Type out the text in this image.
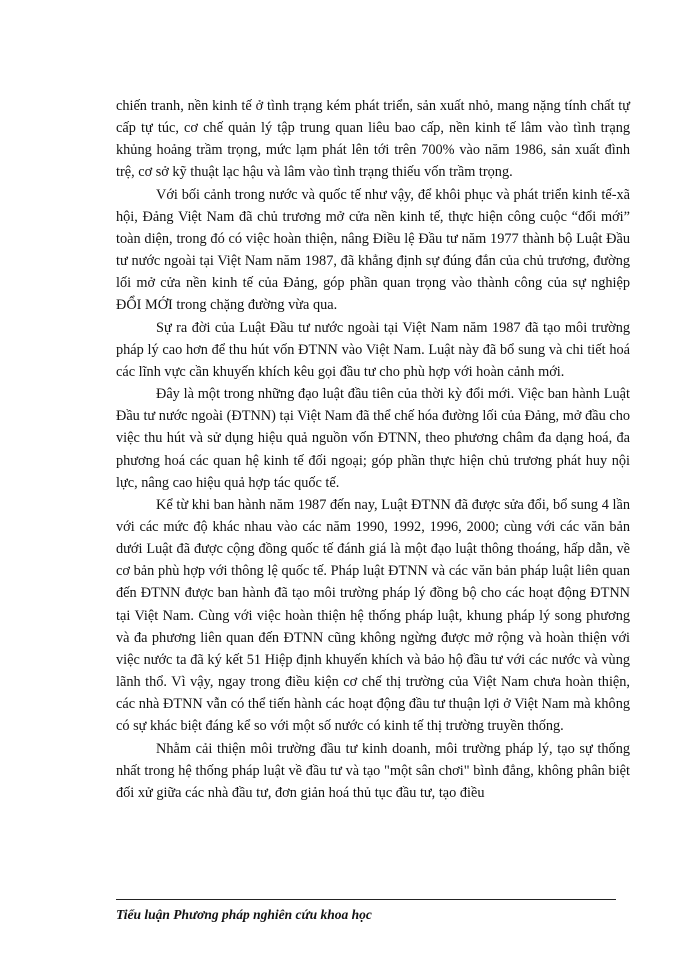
chiến tranh, nền kinh tế ở tình trạng kém phát triển, sản xuất nhỏ, mang nặng tính chất tự cấp tự túc, cơ chế quản lý tập trung quan liêu bao cấp, nền kinh tế lâm vào tình trạng khủng hoảng trầm trọng, mức lạm phát lên tới trên 700% vào năm 1986, sản xuất đình trệ, cơ sở kỹ thuật lạc hậu và lâm vào tình trạng thiếu vốn trầm trọng.

Với bối cảnh trong nước và quốc tế như vậy, để khôi phục và phát triển kinh tế-xã hội, Đảng Việt Nam đã chủ trương mở cửa nền kinh tế, thực hiện công cuộc “đổi mới” toàn diện, trong đó có việc hoàn thiện, nâng Điều lệ Đầu tư năm 1977 thành bộ Luật Đầu tư nước ngoài tại Việt Nam năm 1987, đã khẳng định sự đúng đắn của chủ trương, đường lối mở cửa nền kinh tế của Đảng, góp phần quan trọng vào thành công của sự nghiệp ĐỔI MỚI trong chặng đường vừa qua.

Sự ra đời của Luật Đầu tư nước ngoài tại Việt Nam năm 1987 đã tạo môi trường pháp lý cao hơn để thu hút vốn ĐTNN vào Việt Nam. Luật này đã bổ sung và chi tiết hoá các lĩnh vực cần khuyến khích kêu gọi đầu tư cho phù hợp với hoàn cảnh mới.

Đây là một trong những đạo luật đầu tiên của thời kỳ đổi mới. Việc ban hành Luật Đầu tư nước ngoài (ĐTNN) tại Việt Nam đã thể chế hóa đường lối của Đảng, mở đầu cho việc thu hút và sử dụng hiệu quả nguồn vốn ĐTNN, theo phương châm đa dạng hoá, đa phương hoá các quan hệ kinh tế đối ngoại; góp phần thực hiện chủ trương phát huy nội lực, nâng cao hiệu quả hợp tác quốc tế.

Kể từ khi ban hành năm 1987 đến nay, Luật ĐTNN đã được sửa đổi, bổ sung 4 lần với các mức độ khác nhau vào các năm 1990, 1992, 1996, 2000; cùng với các văn bản dưới Luật đã được cộng đồng quốc tế đánh giá là một đạo luật thông thoáng, hấp dẫn, về cơ bản phù hợp với thông lệ quốc tế. Pháp luật ĐTNN và các văn bản pháp luật liên quan đến ĐTNN được ban hành đã tạo môi trường pháp lý đồng bộ cho các hoạt động ĐTNN tại Việt Nam. Cùng với việc hoàn thiện hệ thống pháp luật, khung pháp lý song phương và đa phương liên quan đến ĐTNN cũng không ngừng được mở rộng và hoàn thiện với việc nước ta đã ký kết 51 Hiệp định khuyến khích và bảo hộ đầu tư với các nước và vùng lãnh thổ. Vì vậy, ngay trong điều kiện cơ chế thị trường của Việt Nam chưa hoàn thiện, các nhà ĐTNN vẫn có thể tiến hành các hoạt động đầu tư thuận lợi ở Việt Nam mà không có sự khác biệt đáng kể so với một số nước có kinh tế thị trường truyền thống.

Nhằm cải thiện môi trường đầu tư kinh doanh, môi trường pháp lý, tạo sự thống nhất trong hệ thống pháp luật về đầu tư và tạo "một sân chơi" bình đẳng, không phân biệt đối xử giữa các nhà đầu tư, đơn giản hoá thủ tục đầu tư, tạo điều

Tiểu luận Phương pháp nghiên cứu khoa học
